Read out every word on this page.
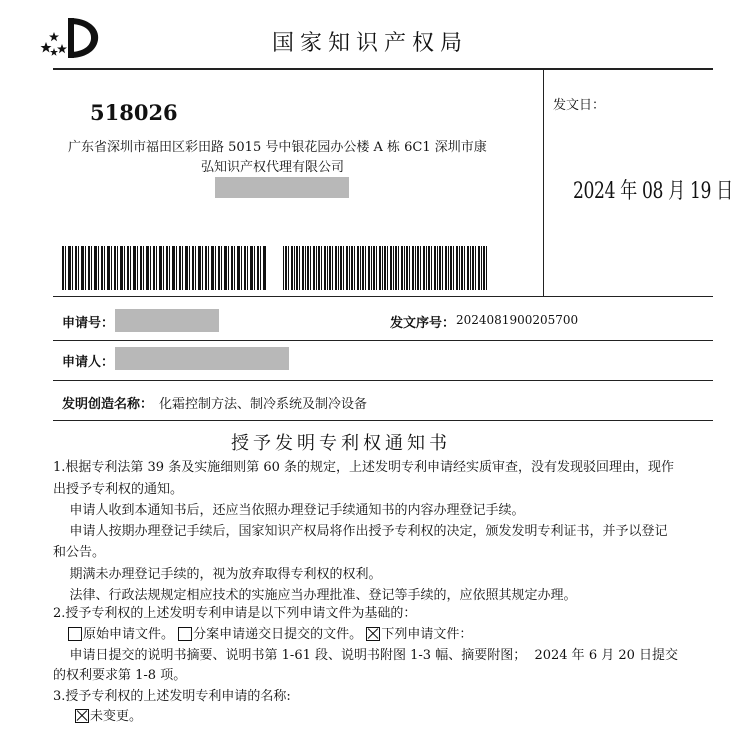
国家知识产权局
518026
广东省深圳市福田区彩田路 5015 号中银花园办公楼 A 栋 6C1 深圳市康
弘知识产权代理有限公司
发文日：
2024 年 08 月 19 日
申请号：	发文序号： 2024081900205700
申请人：
发明创造名称： 化霜控制方法、制冷系统及制冷设备
授予发明专利权通知书
1.根据专利法第 39 条及实施细则第 60 条的规定，上述发明专利申请经实质审查，没有发现驳回理由，现作
出授予专利权的通知。
申请人收到本通知书后，还应当依照办理登记手续通知书的内容办理登记手续。
申请人按期办理登记手续后，国家知识产权局将作出授予专利权的决定，颁发发明专利证书，并予以登记
和公告。
期满未办理登记手续的，视为放弃取得专利权的权利。
法律、行政法规规定相应技术的实施应当办理批准、登记等手续的，应依照其规定办理。
2.授予专利权的上述发明专利申请是以下列申请文件为基础的：
原始申请文件。 分案申请递交日提交的文件。 下列申请文件：
申请日提交的说明书摘要、说明书第 1-61 段、说明书附图 1-3 幅、摘要附图；  2024 年 6 月 20 日提交
的权利要求第 1-8 项。
3.授予专利权的上述发明专利申请的名称:
未变更。
